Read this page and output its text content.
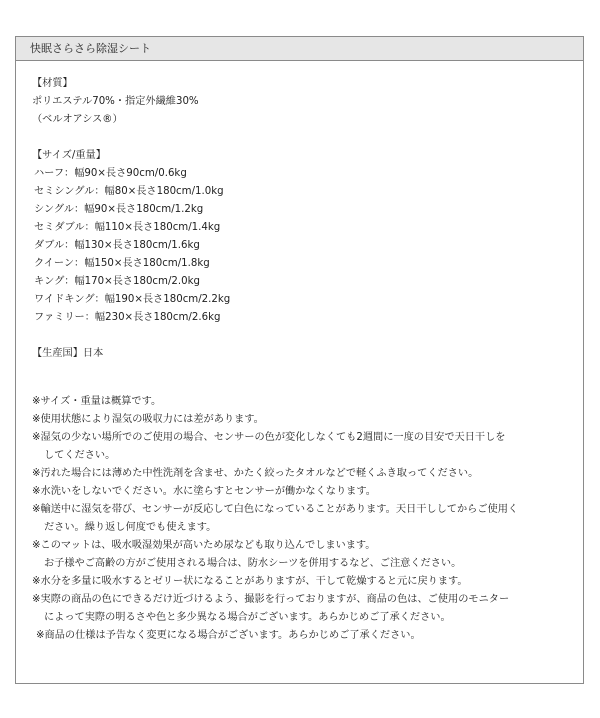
快眠さらさら除湿シート
【材質】
ポリエステル70%・指定外繊維30%
（ベルオアシス®）
【サイズ/重量】
ハーフ：幅90×長さ90cm/0.6kg
セミシングル：幅80×長さ180cm/1.0kg
シングル：幅90×長さ180cm/1.2kg
セミダブル：幅110×長さ180cm/1.4kg
ダブル：幅130×長さ180cm/1.6kg
クイーン：幅150×長さ180cm/1.8kg
キング：幅170×長さ180cm/2.0kg
ワイドキング：幅190×長さ180cm/2.2kg
ファミリー：幅230×長さ180cm/2.6kg
【生産国】日本
※サイズ・重量は概算です。
※使用状態により湿気の吸収力には差があります。
※湿気の少ない場所でのご使用の場合、センサーの色が変化しなくても2週間に一度の目安で天日干しを
してください。
※汚れた場合には薄めた中性洗剤を含ませ、かたく絞ったタオルなどで軽くふき取ってください。
※水洗いをしないでください。水に塗らすとセンサーが働かなくなります。
※輸送中に湿気を帯び、センサーが反応して白色になっていることがあります。天日干ししてからご使用く
ださい。繰り返し何度でも使えます。
※このマットは、吸水吸湿効果が高いため尿なども取り込んでしまいます。
お子様やご高齢の方がご使用される場合は、防水シーツを併用するなど、ご注意ください。
※水分を多量に吸水するとゼリー状になることがありますが、干して乾燥すると元に戻ります。
※実際の商品の色にできるだけ近づけるよう、撮影を行っておりますが、商品の色は、ご使用のモニター
によって実際の明るさや色と多少異なる場合がございます。あらかじめご了承ください。
※商品の仕様は予告なく変更になる場合がございます。あらかじめご了承ください。
